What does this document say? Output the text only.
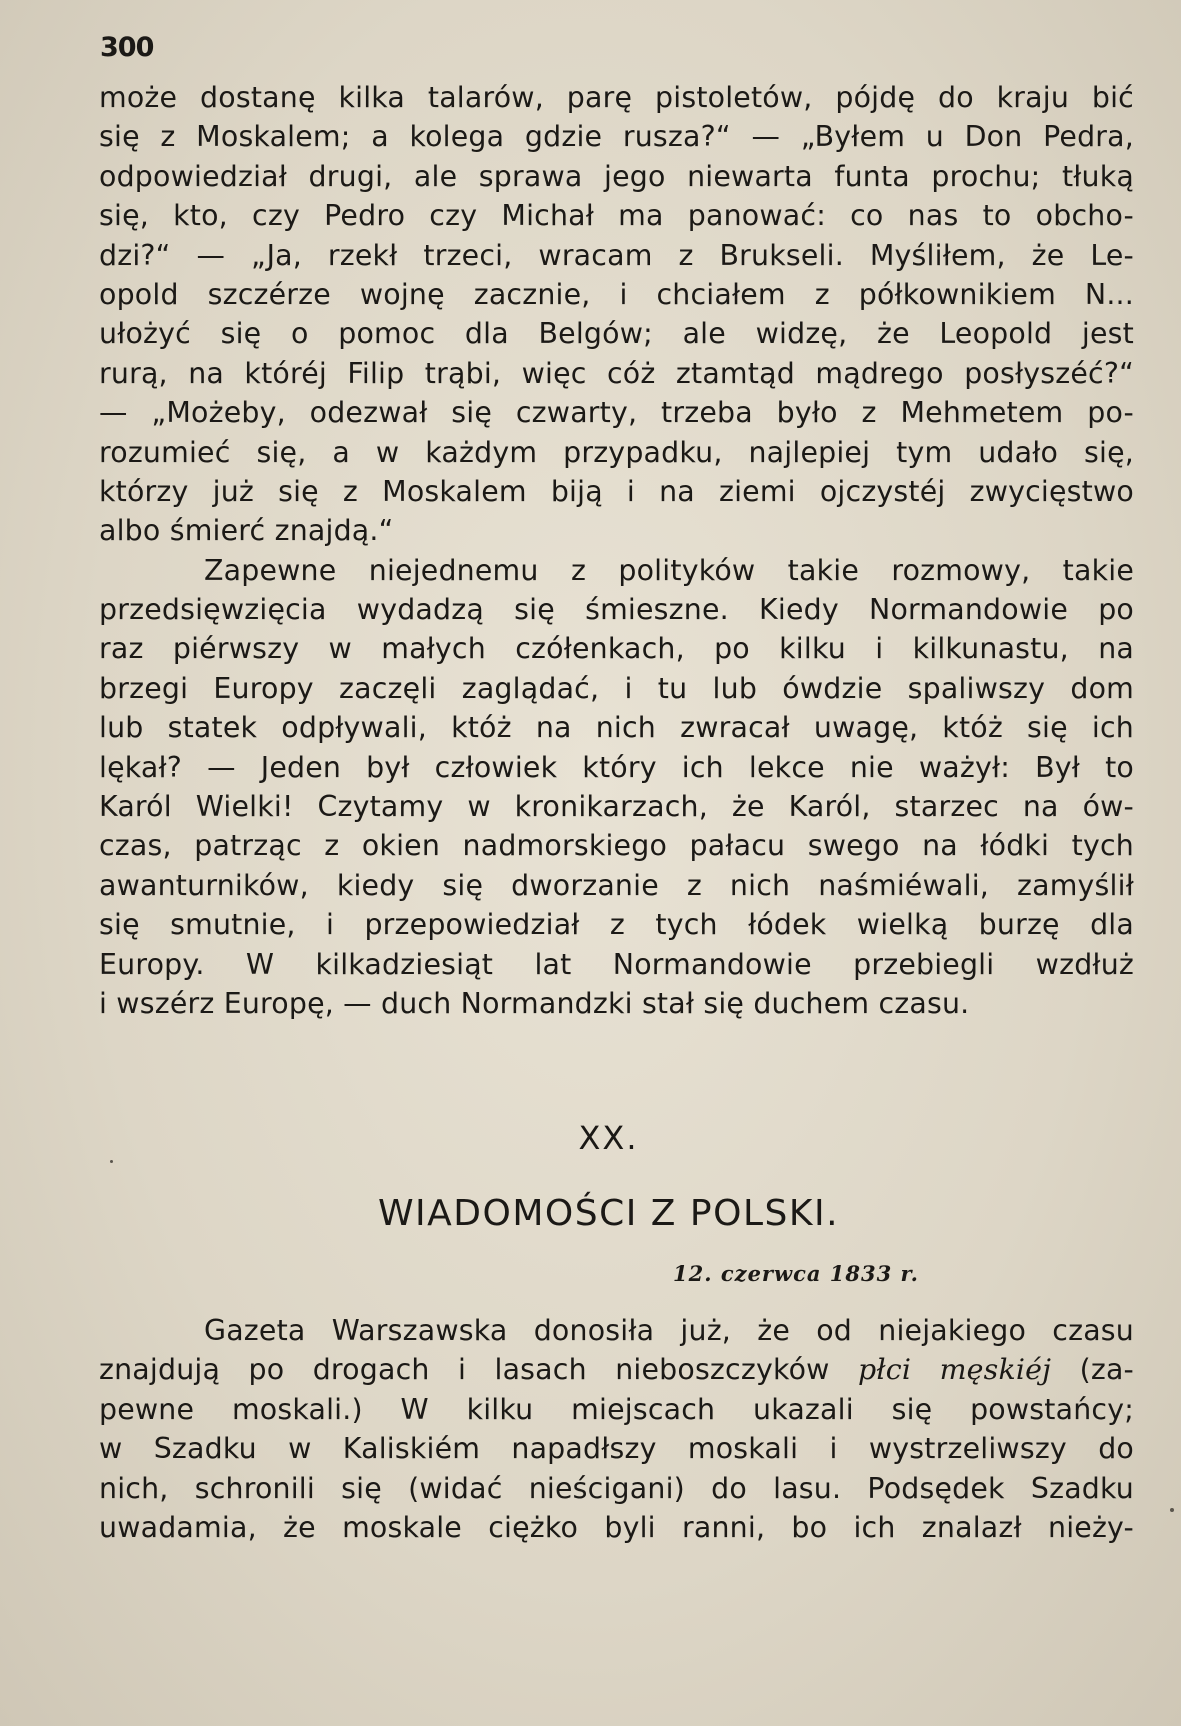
300
może dostanę kilka talarów, parę pistoletów, pójdę do kraju bić
się z Moskalem; a kolega gdzie rusza?“ — „Byłem u Don Pedra,
odpowiedział drugi, ale sprawa jego niewarta funta prochu; tłuką
się, kto, czy Pedro czy Michał ma panować: co nas to obcho-
dzi?“ — „Ja, rzekł trzeci, wracam z Brukseli. Myśliłem, że Le-
opold szczérze wojnę zacznie, i chciałem z półkownikiem N...
ułożyć się o pomoc dla Belgów; ale widzę, że Leopold jest
rurą, na któréj Filip trąbi, więc cóż ztamtąd mądrego posłyszéć?“
— „Możeby, odezwał się czwarty, trzeba było z Mehmetem po-
rozumieć się, a w każdym przypadku, najlepiej tym udało się,
którzy już się z Moskalem biją i na ziemi ojczystéj zwycięstwo
albo śmierć znajdą.“
Zapewne niejednemu z polityków takie rozmowy, takie
przedsięwzięcia wydadzą się śmieszne. Kiedy Normandowie po
raz piérwszy w małych czółenkach, po kilku i kilkunastu, na
brzegi Europy zaczęli zaglądać, i tu lub ówdzie spaliwszy dom
lub statek odpływali, któż na nich zwracał uwagę, któż się ich
lękał? — Jeden był człowiek który ich lekce nie ważył: Był to
Karól Wielki! Czytamy w kronikarzach, że Karól, starzec na ów-
czas, patrząc z okien nadmorskiego pałacu swego na łódki tych
awanturników, kiedy się dworzanie z nich naśmiéwali, zamyślił
się smutnie, i przepowiedział z tych łódek wielką burzę dla
Europy. W kilkadziesiąt lat Normandowie przebiegli wzdłuż
i wszérz Europę, — duch Normandzki stał się duchem czasu.
XX.
WIADOMOŚCI Z POLSKI.
12. czerwca 1833 r.
Gazeta Warszawska donosiła już, że od niejakiego czasu
znajdują po drogach i lasach nieboszczyków płci męskiéj (za-
pewne moskali.) W kilku miejscach ukazali się powstańcy;
w Szadku w Kaliskiém napadłszy moskali i wystrzeliwszy do
nich, schronili się (widać nieścigani) do lasu. Podsędek Szadku
uwadamia, że moskale ciężko byli ranni, bo ich znalazł nieży-
